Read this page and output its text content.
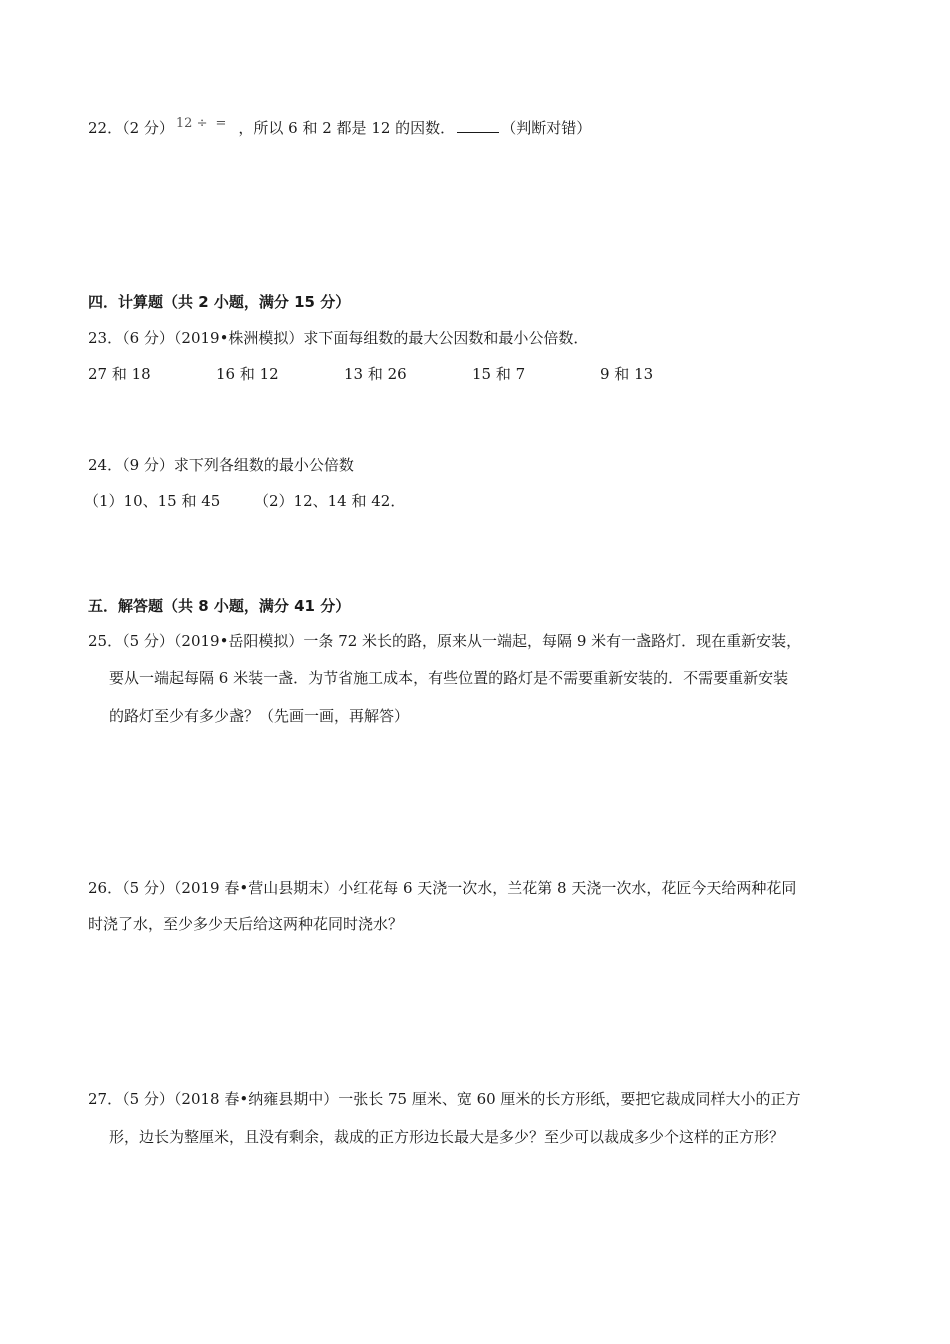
22．（2 分） 12 ÷ = ，所以 6 和 2 都是 12 的因数．	（判断对错）
四．计算题（共 2 小题，满分 15 分）
23．（6 分）（2019•株洲模拟）求下面每组数的最大公因数和最小公倍数．
27 和 18	16 和 12	13 和 26	15 和 7	9 和 13
24．（9 分）求下列各组数的最小公倍数
（1）10、15 和 45 （2）12、14 和 42．
五．解答题（共 8 小题，满分 41 分）
25．（5 分）（2019•岳阳模拟）一条 72 米长的路，原来从一端起，每隔 9 米有一盏路灯．现在重新安装，
要从一端起每隔 6 米装一盏．为节省施工成本，有些位置的路灯是不需要重新安装的．不需要重新安装
的路灯至少有多少盏？（先画一画，再解答）
26．（5 分）（2019 春•营山县期末）小红花每 6 天浇一次水，兰花第 8 天浇一次水，花匠今天给两种花同
时浇了水，至少多少天后给这两种花同时浇水？
27．（5 分）（2018 春•纳雍县期中）一张长 75 厘米、宽 60 厘米的长方形纸，要把它裁成同样大小的正方
形，边长为整厘米，且没有剩余，裁成的正方形边长最大是多少？至少可以裁成多少个这样的正方形？
